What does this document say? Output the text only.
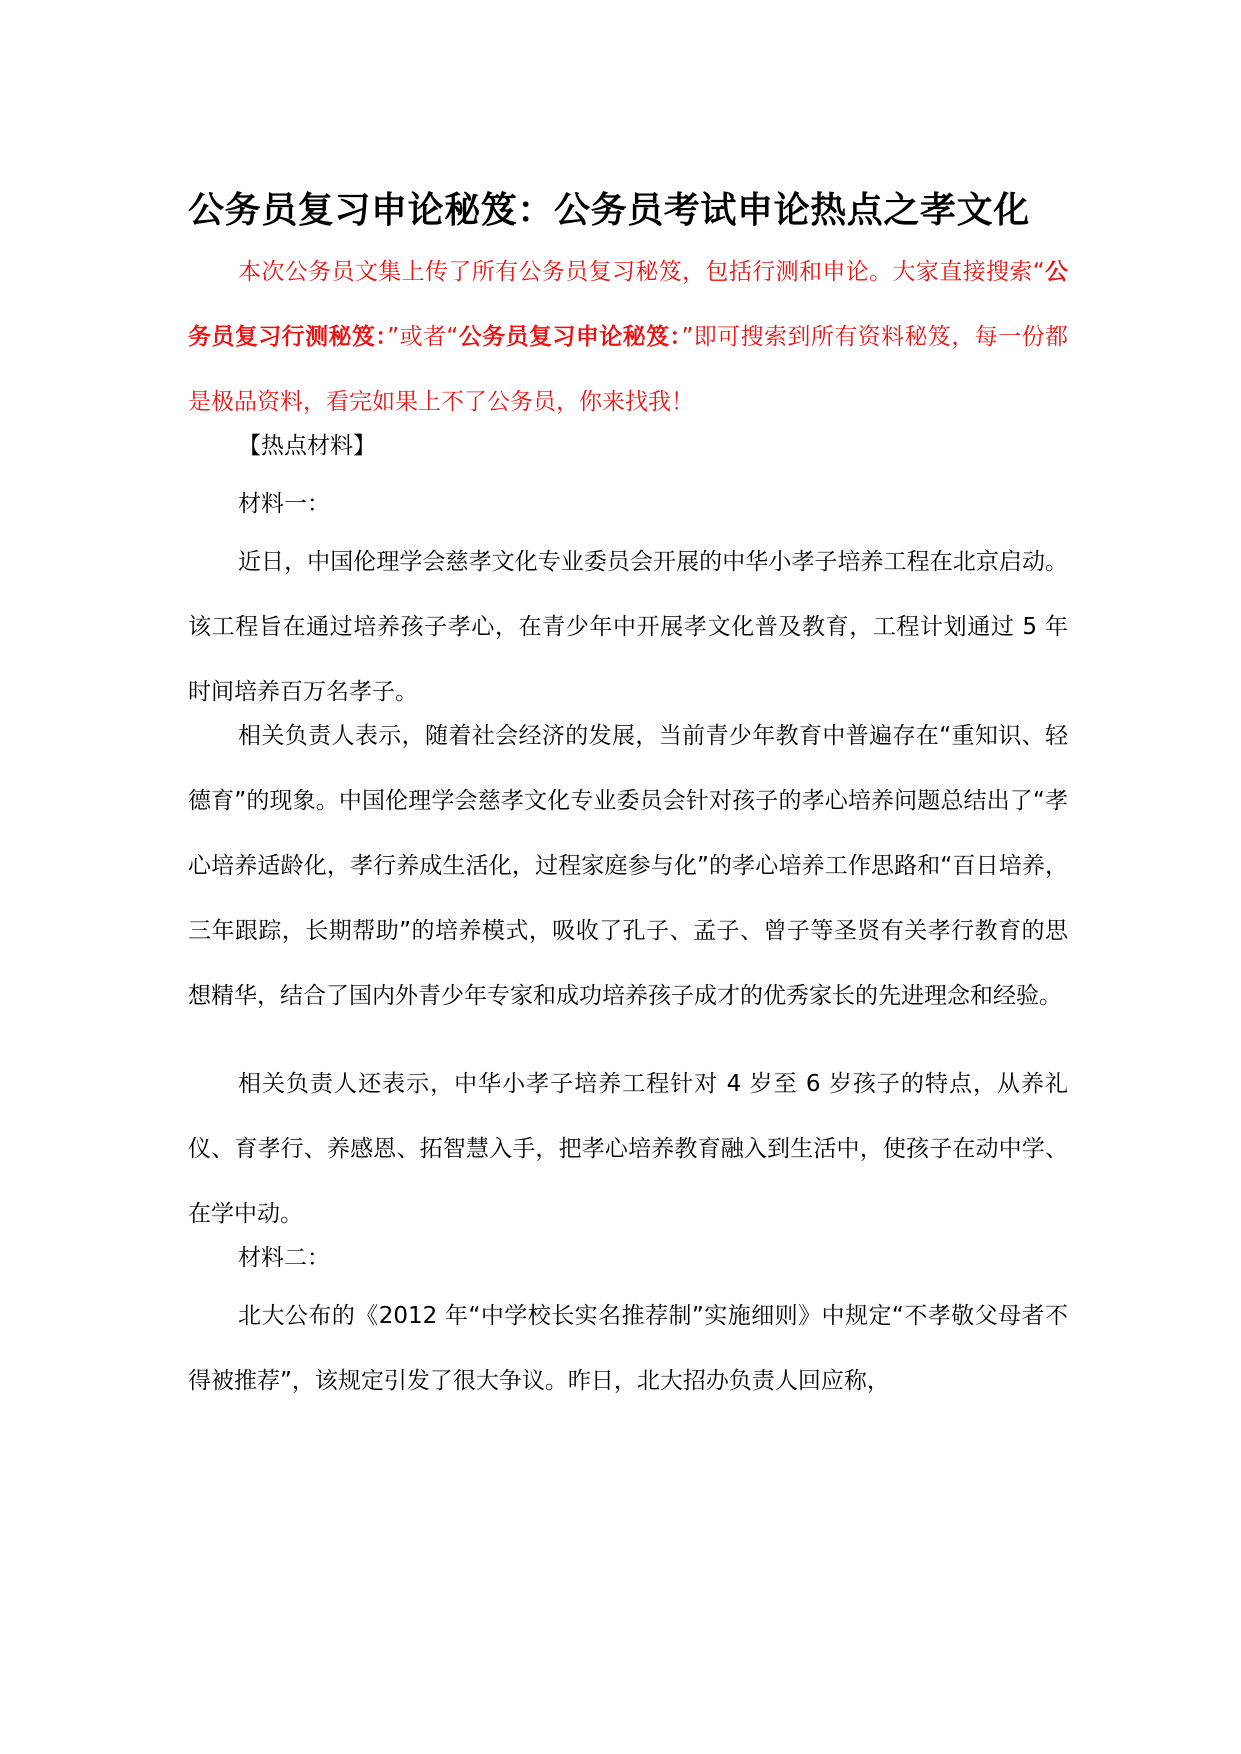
公务员复习申论秘笈：公务员考试申论热点之孝文化

本次公务员文集上传了所有公务员复习秘笈，包括行测和申论。大家直接搜索“公务员复习行测秘笈：”或者“公务员复习申论秘笈：”即可搜索到所有资料秘笈，每一份都是极品资料，看完如果上不了公务员，你来找我！

【热点材料】

材料一：

近日，中国伦理学会慈孝文化专业委员会开展的中华小孝子培养工程在北京启动。该工程旨在通过培养孩子孝心，在青少年中开展孝文化普及教育，工程计划通过 5 年时间培养百万名孝子。

相关负责人表示，随着社会经济的发展，当前青少年教育中普遍存在“重知识、轻德育”的现象。中国伦理学会慈孝文化专业委员会针对孩子的孝心培养问题总结出了“孝心培养适龄化，孝行养成生活化，过程家庭参与化”的孝心培养工作思路和“百日培养，三年跟踪，长期帮助”的培养模式，吸收了孔子、孟子、曾子等圣贤有关孝行教育的思想精华，结合了国内外青少年专家和成功培养孩子成才的优秀家长的先进理念和经验。

相关负责人还表示，中华小孝子培养工程针对 4 岁至 6 岁孩子的特点，从养礼仪、育孝行、养感恩、拓智慧入手，把孝心培养教育融入到生活中，使孩子在动中学、在学中动。

材料二：

北大公布的《2012 年“中学校长实名推荐制”实施细则》中规定“不孝敬父母者不得被推荐”，该规定引发了很大争议。昨日，北大招办负责人回应称，
